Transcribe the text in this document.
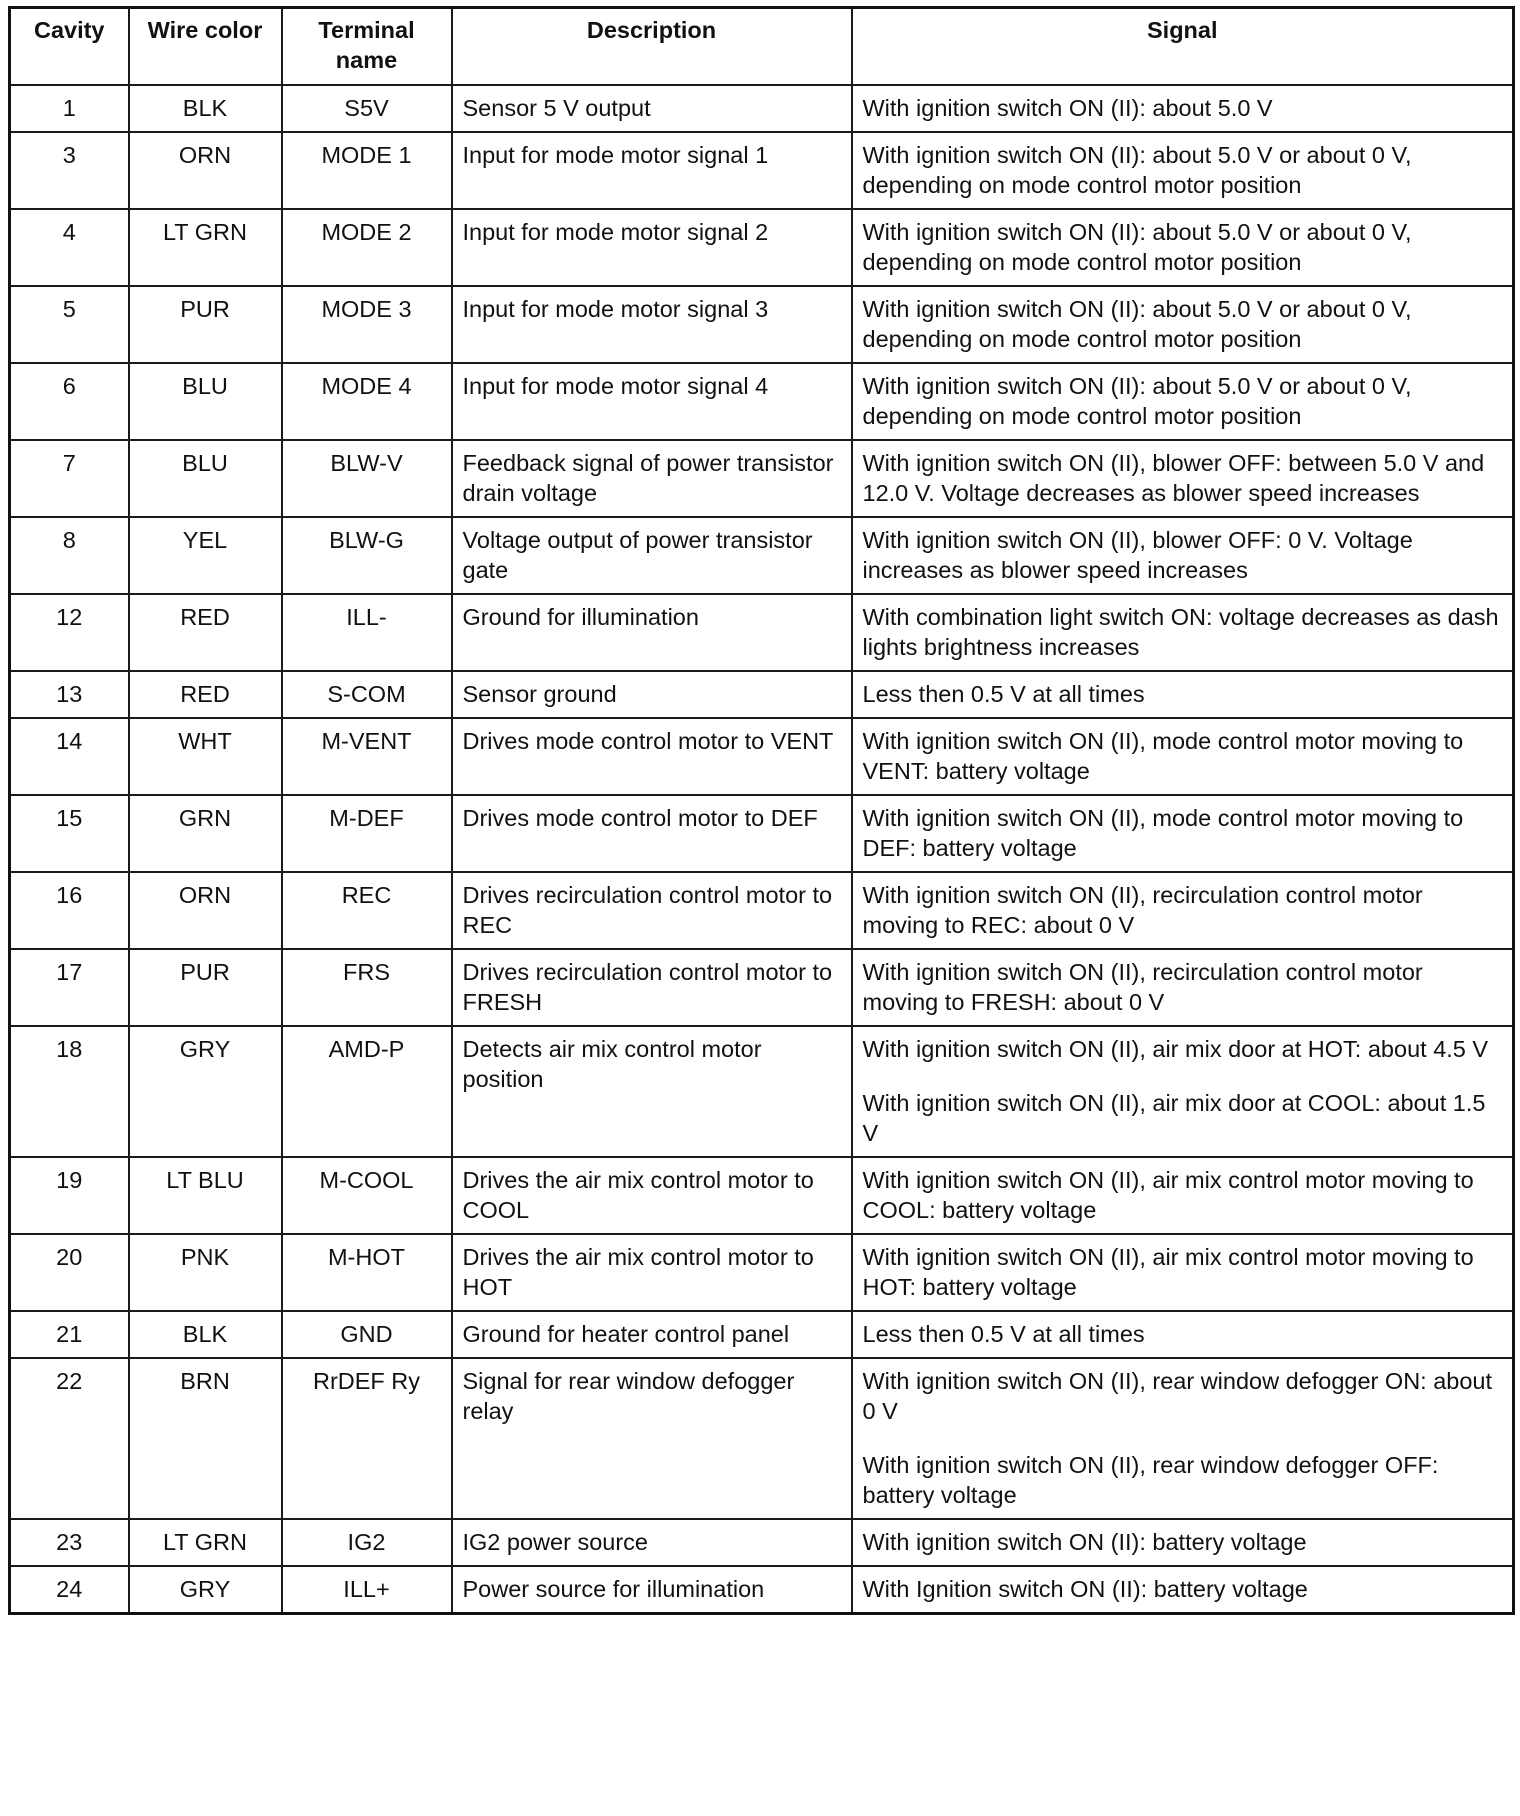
Cavity	Wire color	Terminal name	Description	Signal
1	BLK	S5V	Sensor 5 V output	With ignition switch ON (II): about 5.0 V

3	ORN	MODE 1	Input for mode motor signal 1	With ignition switch ON (II): about 5.0 V or about 0 V, depending on mode control motor position

4	LT GRN	MODE 2	Input for mode motor signal 2	With ignition switch ON (II): about 5.0 V or about 0 V, depending on mode control motor position

5	PUR	MODE 3	Input for mode motor signal 3	With ignition switch ON (II): about 5.0 V or about 0 V, depending on mode control motor position

6	BLU	MODE 4	Input for mode motor signal 4	With ignition switch ON (II): about 5.0 V or about 0 V, depending on mode control motor position

7	BLU	BLW-V	Feedback signal of power transistor drain voltage	With ignition switch ON (II), blower OFF: between 5.0 V and 12.0 V. Voltage decreases as blower speed increases

8	YEL	BLW-G	Voltage output of power transistor gate	With ignition switch ON (II), blower OFF: 0 V. Voltage increases as blower speed increases

12	RED	ILL-	Ground for illumination	With combination light switch ON: voltage decreases as dash lights brightness increases

13	RED	S-COM	Sensor ground	Less then 0.5 V at all times

14	WHT	M-VENT	Drives mode control motor to VENT	With ignition switch ON (II), mode control motor moving to VENT: battery voltage

15	GRN	M-DEF	Drives mode control motor to DEF	With ignition switch ON (II), mode control motor moving to DEF: battery voltage

16	ORN	REC	Drives recirculation control motor to REC	With ignition switch ON (II), recirculation control motor moving to REC: about 0 V

17	PUR	FRS	Drives recirculation control motor to FRESH	With ignition switch ON (II), recirculation control motor moving to FRESH: about 0 V

18	GRY	AMD-P	Detects air mix control motor position	With ignition switch ON (II), air mix door at HOT: about 4.5 V
With ignition switch ON (II), air mix door at COOL: about 1.5 V

19	LT BLU	M-COOL	Drives the air mix control motor to COOL	With ignition switch ON (II), air mix control motor moving to COOL: battery voltage

20	PNK	M-HOT	Drives the air mix control motor to HOT	With ignition switch ON (II), air mix control motor moving to HOT: battery voltage

21	BLK	GND	Ground for heater control panel	Less then 0.5 V at all times

22	BRN	RrDEF Ry	Signal for rear window defogger relay	With ignition switch ON (II), rear window defogger ON: about 0 V
With ignition switch ON (II), rear window defogger OFF: battery voltage

23	LT GRN	IG2	IG2 power source	With ignition switch ON (II): battery voltage

24	GRY	ILL+	Power source for illumination	With Ignition switch ON (II): battery voltage
